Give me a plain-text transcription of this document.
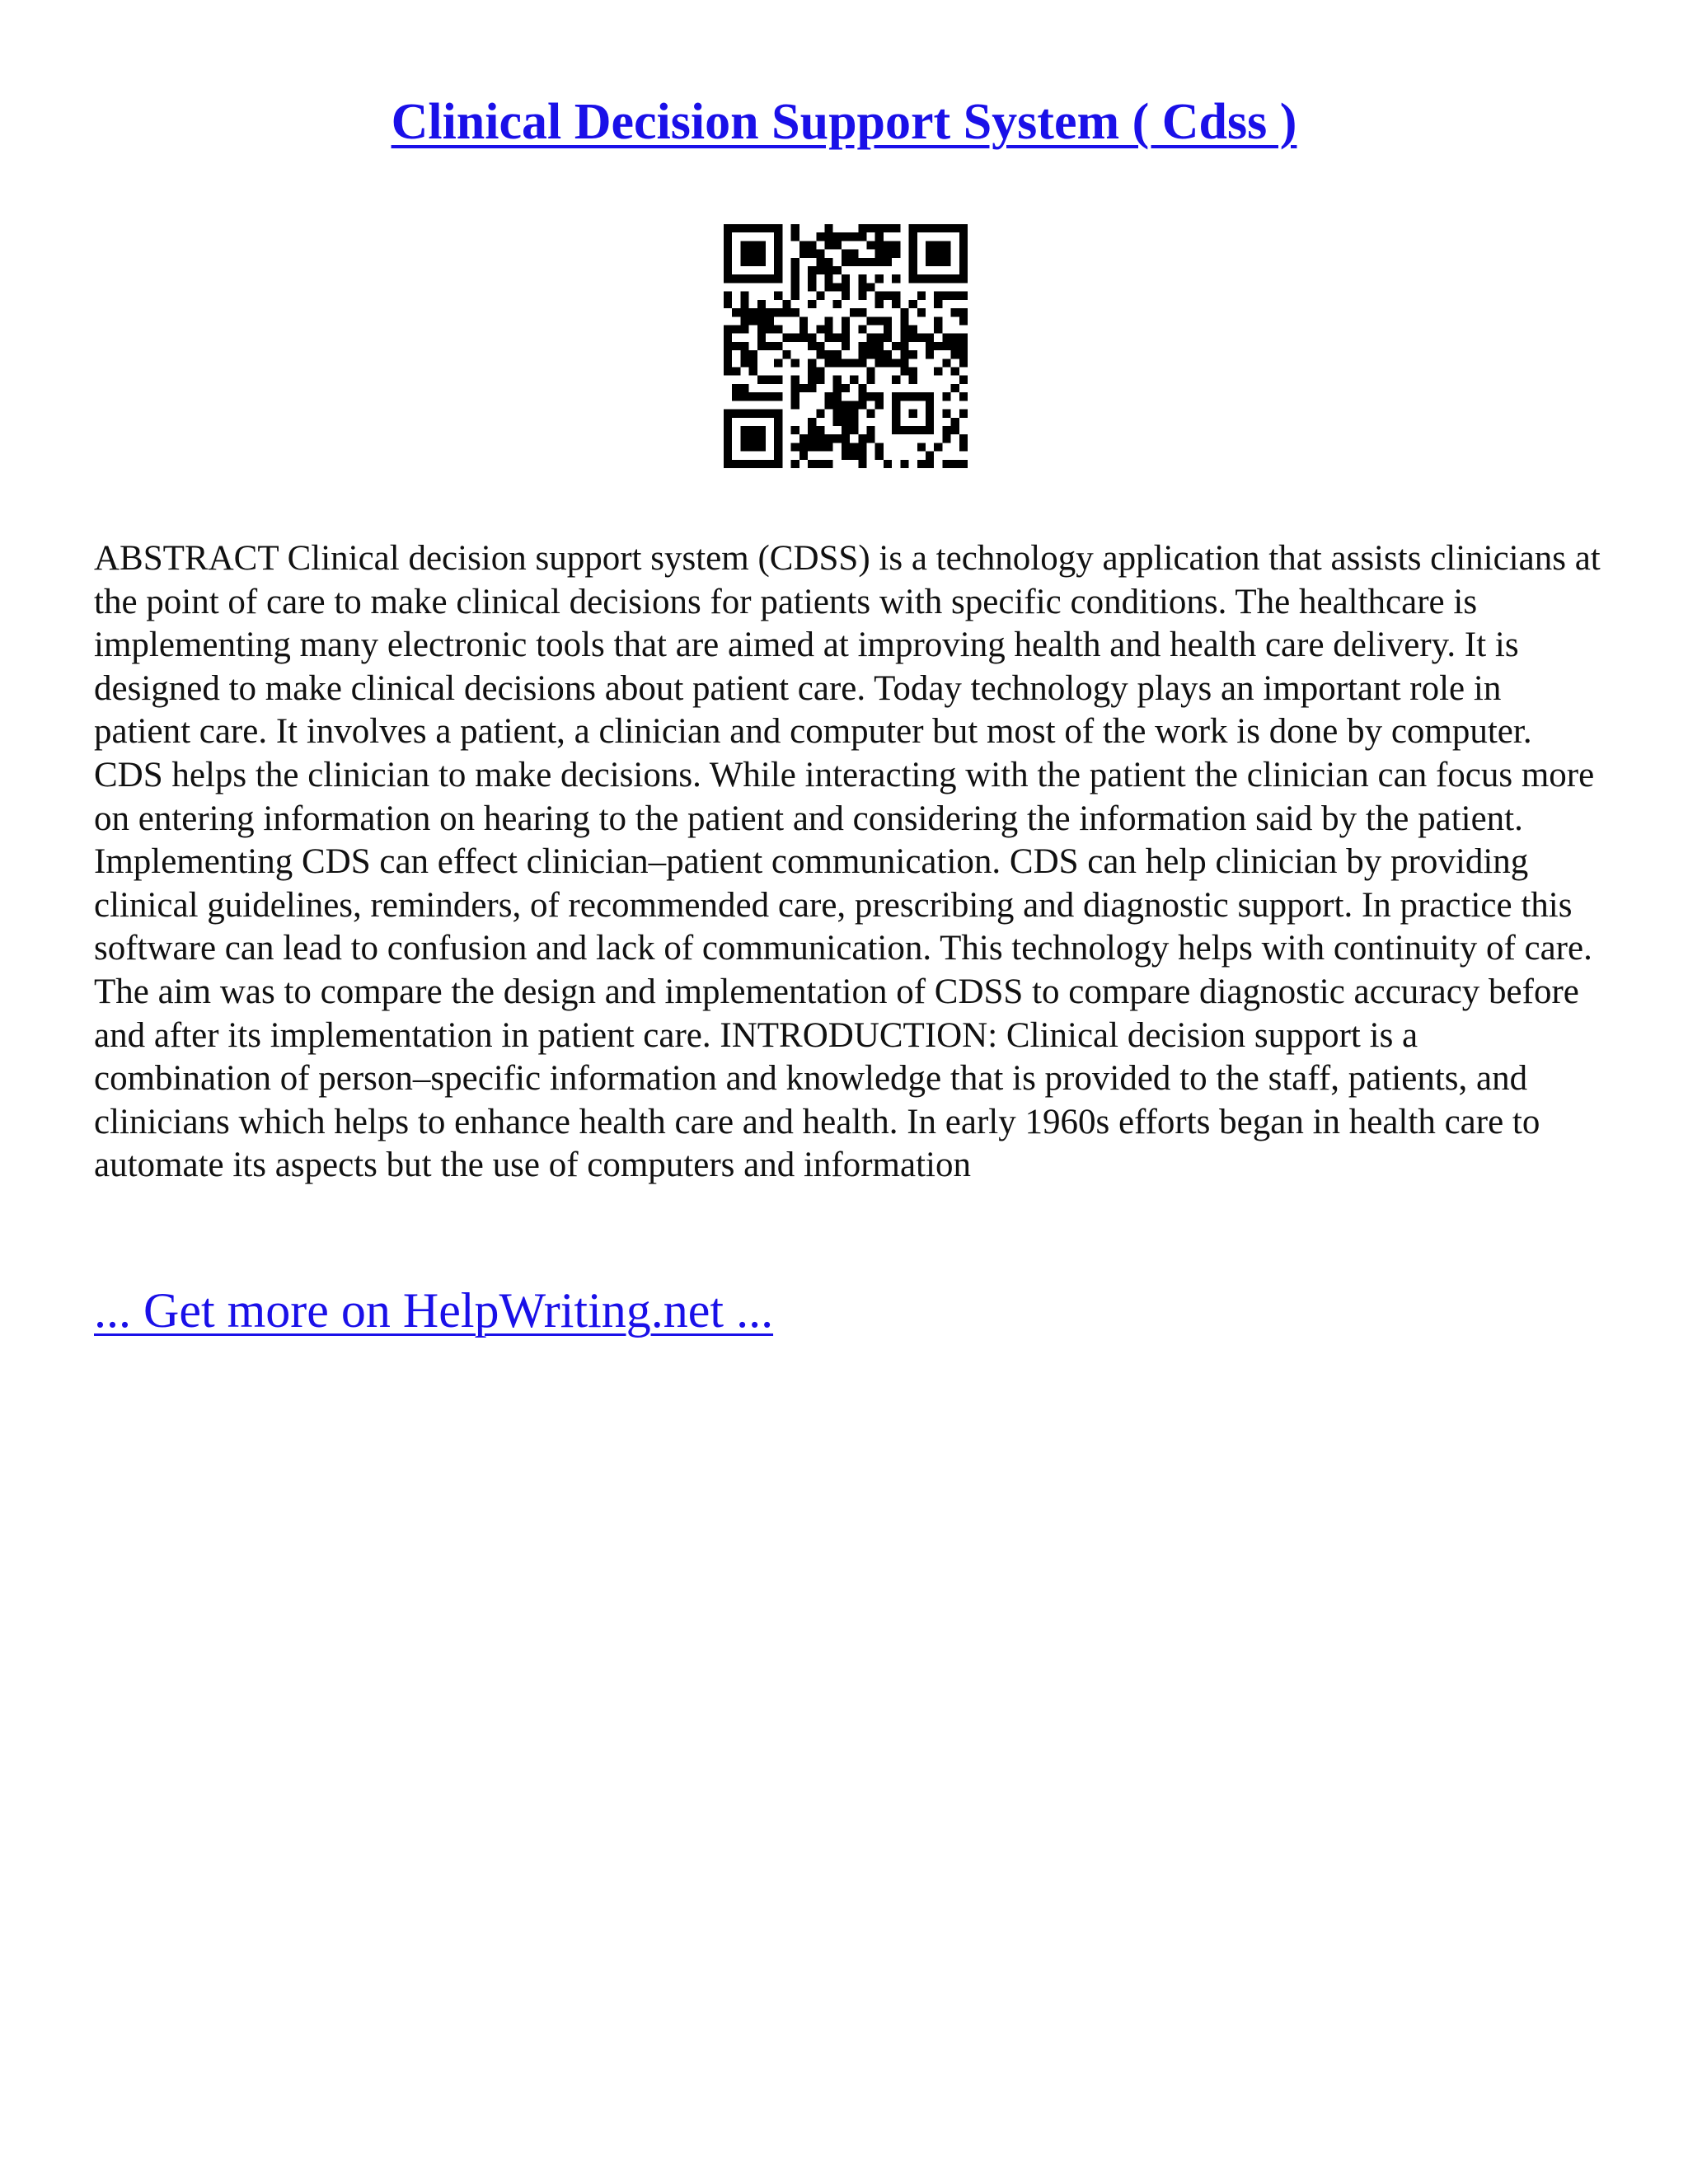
Clinical Decision Support System ( Cdss )

ABSTRACT Clinical decision support system (CDSS) is a technology application that assists clinicians at the point of care to make clinical decisions for patients with specific conditions. The healthcare is implementing many electronic tools that are aimed at improving health and health care delivery. It is designed to make clinical decisions about patient care. Today technology plays an important role in patient care. It involves a patient, a clinician and computer but most of the work is done by computer. CDS helps the clinician to make decisions. While interacting with the patient the clinician can focus more on entering information on hearing to the patient and considering the information said by the patient. Implementing CDS can effect clinician–patient communication. CDS can help clinician by providing clinical guidelines, reminders, of recommended care, prescribing and diagnostic support. In practice this software can lead to confusion and lack of communication. This technology helps with continuity of care. The aim was to compare the design and implementation of CDSS to compare diagnostic accuracy before and after its implementation in patient care. INTRODUCTION: Clinical decision support is a combination of person–specific information and knowledge that is provided to the staff, patients, and clinicians which helps to enhance health care and health. In early 1960s efforts began in health care to automate its aspects but the use of computers and information

... Get more on HelpWriting.net ...
